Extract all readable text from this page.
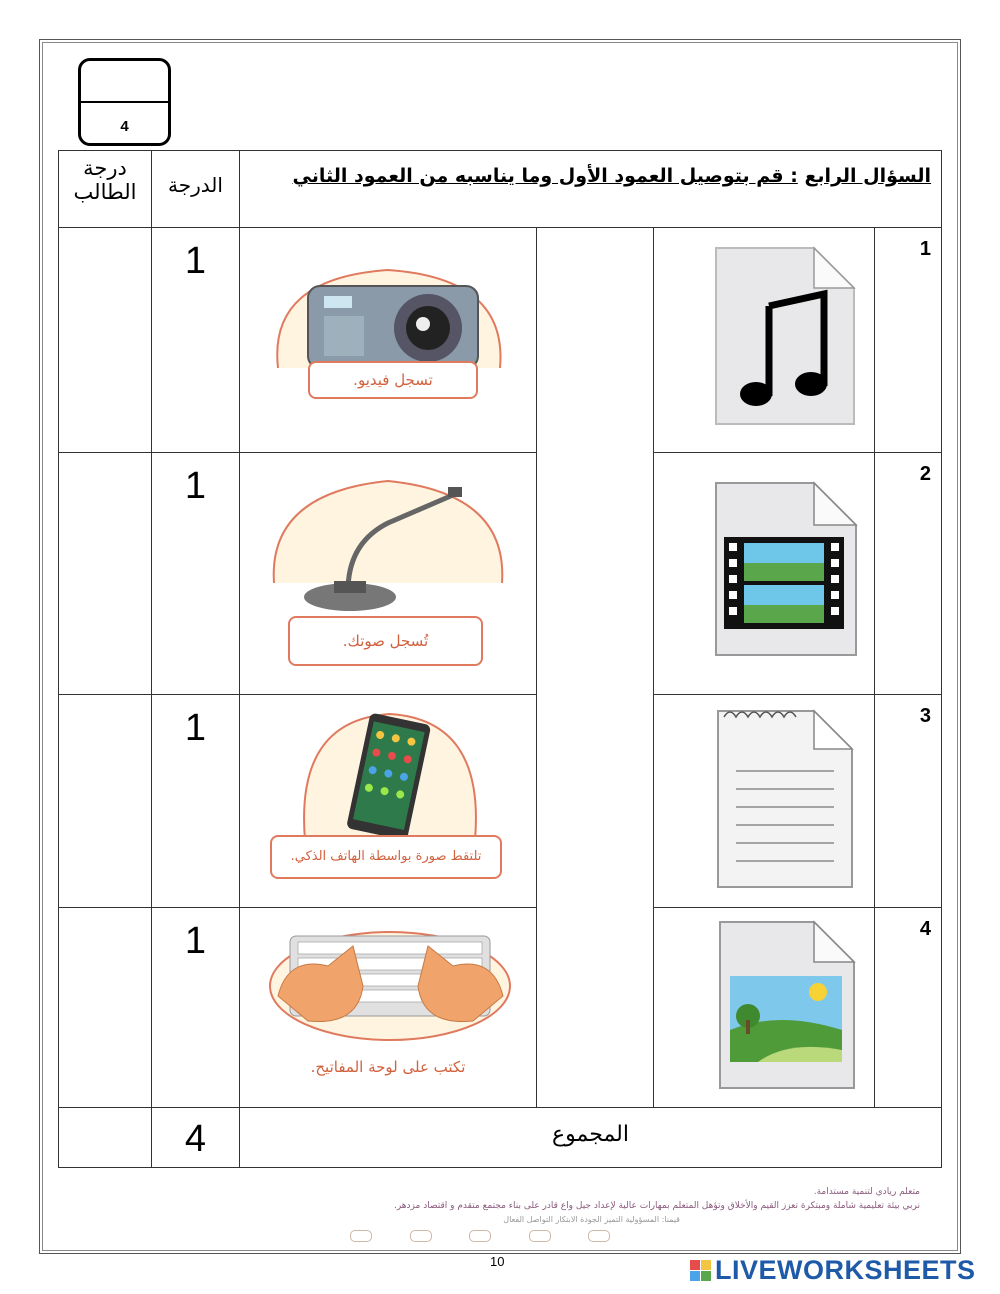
4
درجة
الطالب	الدرجة	السؤال الرابع : قم بتوصيل العمود الأول وما يناسبه من العمود الثاني			
	1	تسجل فيديو.			1

	1	تُسجل صوتك.			2

	1	تلتقط صورة بواسطة الهاتف الذكي.			3

	1	تكتب على لوحة المفاتيح.			4

	4	المجموع			
متعلم ريادي لتنمية مستدامة.
نربي بيئة تعليمية شاملة ومبتكرة تعزز القيم والأخلاق وتؤهل المتعلم بمهارات عالية لإعداد جيل واع قادر على بناء مجتمع متقدم و اقتصاد مزدهر.
قيمنا: المسؤولية التميز الجودة الابتكار التواصل الفعال
10	LIVEWORKSHEETS
